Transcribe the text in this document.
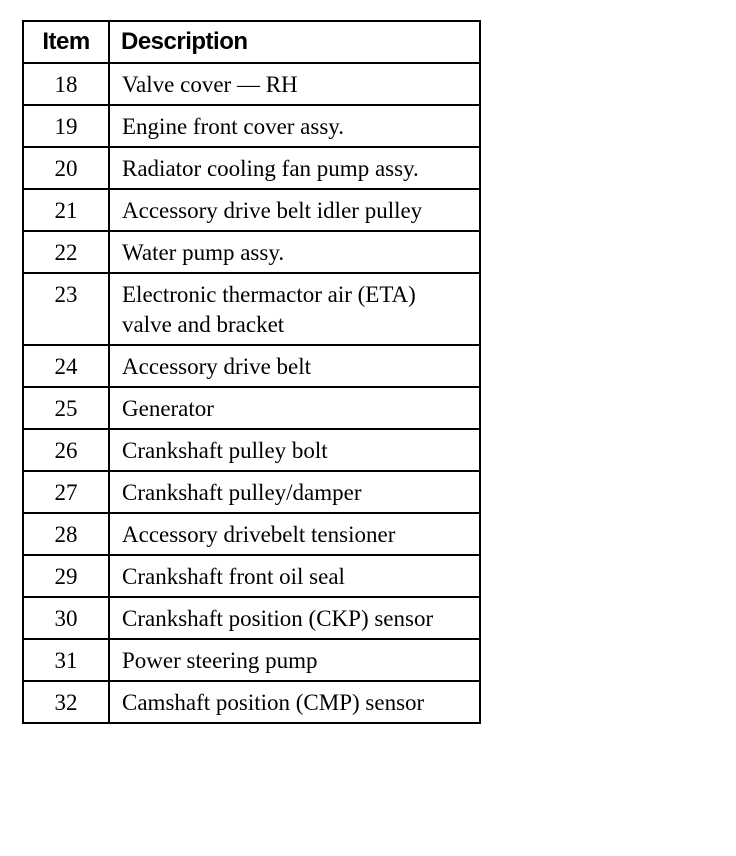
Item	Description
18	Valve cover — RH
19	Engine front cover assy.
20	Radiator cooling fan pump assy.
21	Accessory drive belt idler pulley
22	Water pump assy.
23	Electronic thermactor air (ETA) valve and bracket
24	Accessory drive belt
25	Generator
26	Crankshaft pulley bolt
27	Crankshaft pulley/damper
28	Accessory drivebelt tensioner
29	Crankshaft front oil seal
30	Crankshaft position (CKP) sensor
31	Power steering pump
32	Camshaft position (CMP) sensor
